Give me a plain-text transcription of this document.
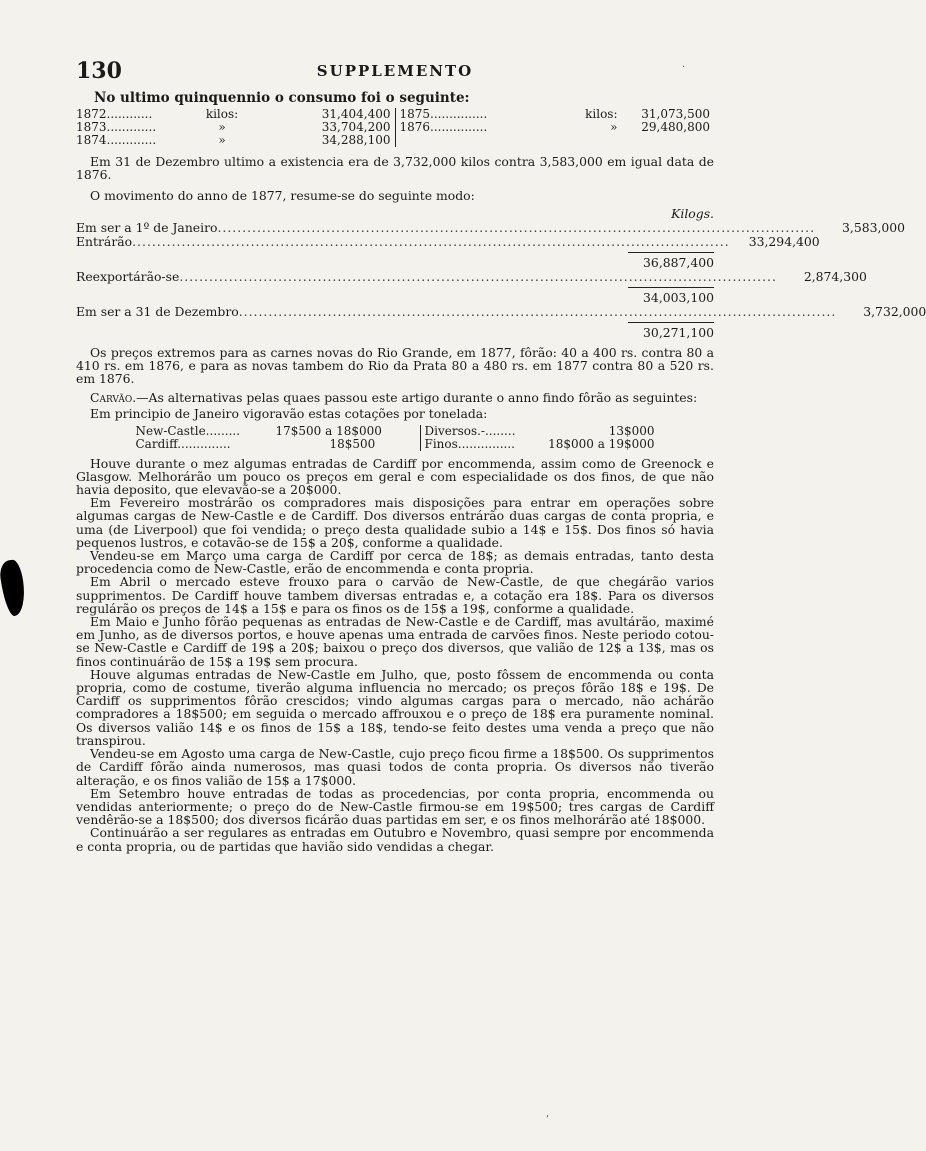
·
,
130	SUPPLEMENTO
No ultimo quinquennio o consumo foi o seguinte:
1872............	kilos:	31,404,400
1873.............	»	33,704,200
1874.............	»	34,288,100
1875...............	kilos:	31,073,500
1876...............	»	29,480,800

Em 31 de Dezembro ultimo a existencia era de 3,732,000 kilos contra 3,583,000 em igual data de 1876.

O movimento do anno de 1877, resume-se do seguinte modo:

Kilogs.
Em ser a 1º de Janeiro .........................................................................................................................	3,583,000
Entrárão .........................................................................................................................	33,294,400
36,887,400
Reexportárão-se .........................................................................................................................	2,874,300
34,003,100
Em ser a 31 de Dezembro .........................................................................................................................	3,732,000
30,271,100

Os preços extremos para as carnes novas do Rio Grande, em 1877, fôrão: 40 a 400 rs. contra 80 a 410 rs. em 1876, e para as novas tambem do Rio da Prata 80 a 480 rs. em 1877 contra 80 a 520 rs. em 1876.

Carvão.—As alternativas pelas quaes passou este artigo durante o anno findo fôrão as seguintes:

Em principio de Janeiro vigoravão estas cotações por tonelada:

New-Castle.........	17$500 a 18$000
Cardiff..............	18$500
Diversos.-........	13$000
Finos...............	18$000 a 19$000

Houve durante o mez algumas entradas de Cardiff por encommenda, assim como de Greenock e Glasgow. Melhorárão um pouco os preços em geral e com especialidade os dos finos, de que não havia deposito, que elevavão-se a 20$000.

Em Fevereiro mostrárão os compradores mais disposições para entrar em operações sobre algumas cargas de New-Castle e de Cardiff. Dos diversos entrárão duas cargas de conta propria, e uma (de Liverpool) que foi vendida; o preço desta qualidade subio a 14$ e 15$. Dos finos só havia pequenos lustros, e cotavão-se de 15$ a 20$, conforme a qualidade.

Vendeu-se em Março uma carga de Cardiff por cerca de 18$; as demais entradas, tanto desta procedencia como de New-Castle, erão de encommenda e conta propria.

Em Abril o mercado esteve frouxo para o carvão de New-Castle, de que chegárão varios supprimentos. De Cardiff houve tambem diversas entradas e, a cotação era 18$. Para os diversos regulárão os preços de 14$ a 15$ e para os finos os de 15$ a 19$, conforme a qualidade.

Em Maio e Junho fôrão pequenas as entradas de New-Castle e de Cardiff, mas avultárão, maximé em Junho, as de diversos portos, e houve apenas uma entrada de carvões finos. Neste periodo cotou-se New-Castle e Cardiff de 19$ a 20$; baixou o preço dos diversos, que valião de 12$ a 13$, mas os finos continuárão de 15$ a 19$ sem procura.

Houve algumas entradas de New-Castle em Julho, que, posto fôssem de encommenda ou conta propria, como de costume, tiverão alguma influencia no mercado; os preços fôrão 18$ e 19$. De Cardiff os supprimentos fôrão crescidos; vindo algumas cargas para o mercado, não achárão compradores a 18$500; em seguida o mercado affrouxou e o preço de 18$ era puramente nominal. Os diversos valião 14$ e os finos de 15$ a 18$, tendo-se feito destes uma venda a preço que não transpirou.

Vendeu-se em Agosto uma carga de New-Castle, cujo preço ficou firme a 18$500. Os supprimentos de Cardiff fôrão ainda numerosos, mas quasi todos de conta propria. Os diversos não tiverão alteração, e os finos valião de 15$ a 17$000.

Em Setembro houve entradas de todas as procedencias, por conta propria, encommenda ou vendidas anteriormente; o preço do de New-Castle firmou-se em 19$500; tres cargas de Cardiff vendêrão-se a 18$500; dos diversos ficárão duas partidas em ser, e os finos melhorárão até 18$000.

Continuárão a ser regulares as entradas em Outubro e Novembro, quasi sempre por encommenda e conta propria, ou de partidas que havião sido vendidas a chegar.
